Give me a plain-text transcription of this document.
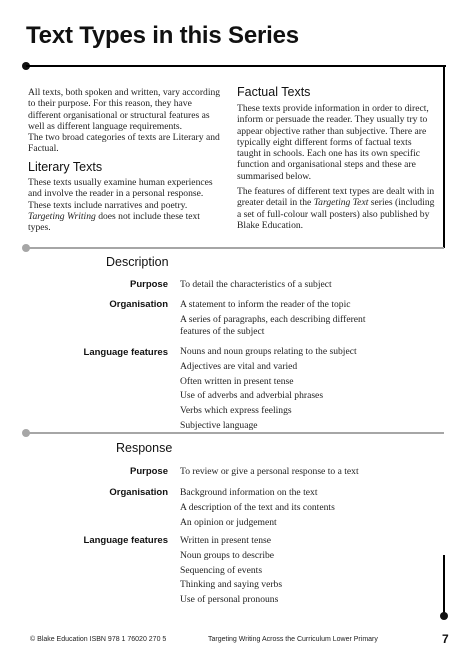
Text Types in this Series

All texts, both spoken and written, vary according to their purpose. For this reason, they have different organisational or structural features as well as different language requirements.

The two broad categories of texts are Literary and Factual.

Literary Texts

These texts usually examine human experiences and involve the reader in a personal response. These texts include narratives and poetry.
Targeting Writing does not include these text types.

Factual Texts

These texts provide information in order to direct, inform or persuade the reader. They usually try to appear objective rather than subjective. There are typically eight different forms of factual texts taught in schools. Each one has its own specific function and organisational steps and these are summarised below.

The features of different text types are dealt with in greater detail in the Targeting Text series (including a set of full-colour wall posters) also published by Blake Education.

Description
Purpose To detail the characteristics of a subject
Organisation A statement to inform the reader of the topic
A series of paragraphs, each describing different features of the subject
Language features Nouns and noun groups relating to the subject
Adjectives are vital and varied
Often written in present tense
Use of adverbs and adverbial phrases
Verbs which express feelings
Subjective language
Response
Purpose To review or give a personal response to a text
Organisation Background information on the text
A description of the text and its contents
An opinion or judgement
Language features Written in present tense
Noun groups to describe
Sequencing of events
Thinking and saying verbs
Use of personal pronouns
© Blake Education ISBN 978 1 76020 270 5	Targeting Writing Across the Curriculum Lower Primary	7
